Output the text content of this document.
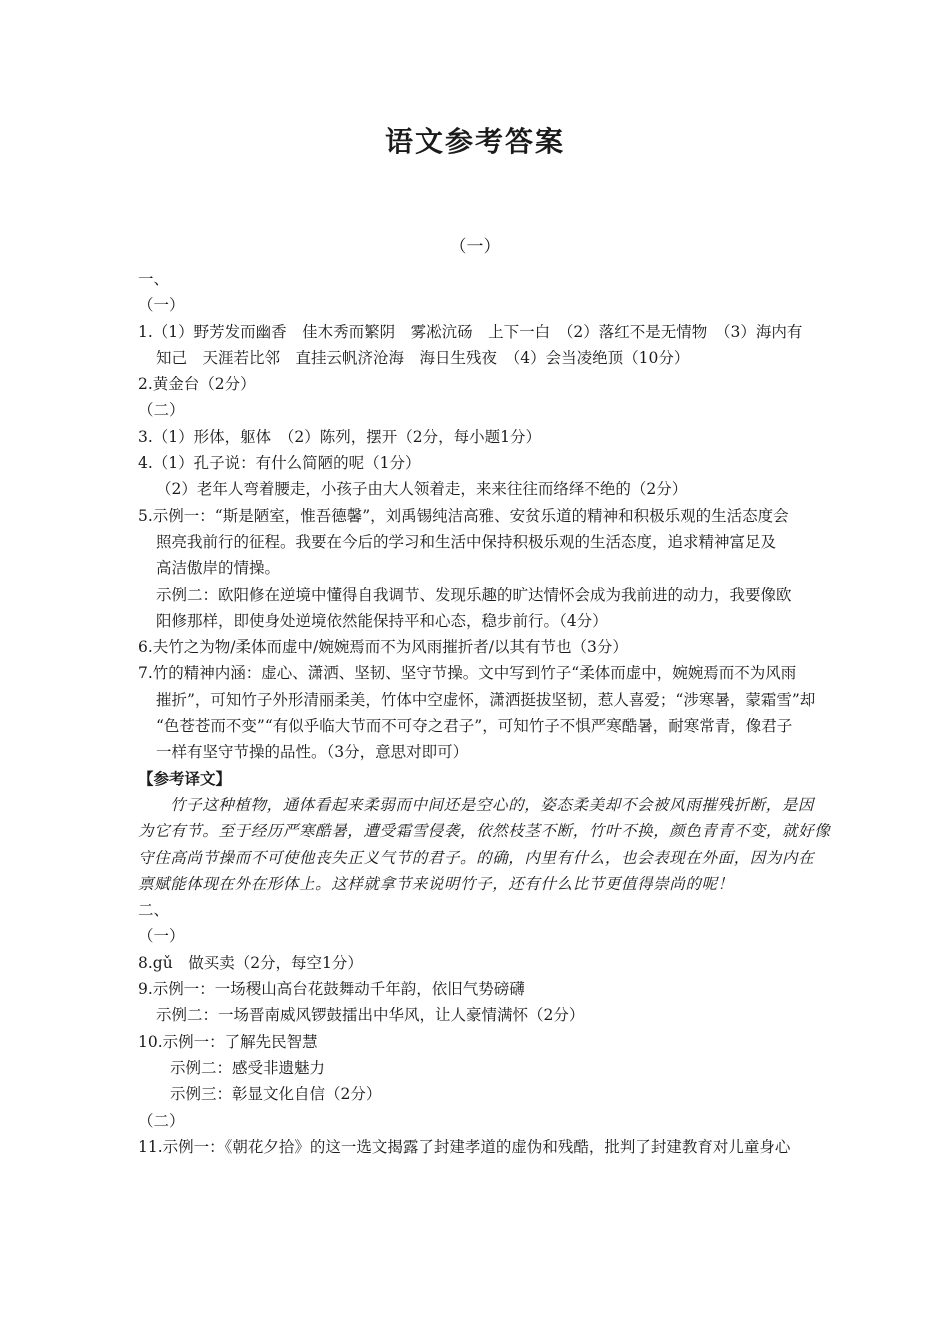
语文参考答案
（一）
一、
（一）
1.（1）野芳发而幽香　佳木秀而繁阴　雾凇沆砀　上下一白　（2）落红不是无情物　（3）海内有
知己　天涯若比邻　直挂云帆济沧海　海日生残夜　（4）会当凌绝顶（10分）
2.黄金台（2分）
（二）
3.（1）形体，躯体　（2）陈列，摆开（2分，每小题1分）
4.（1）孔子说：有什么简陋的呢（1分）
（2）老年人弯着腰走，小孩子由大人领着走，来来往往而络绎不绝的（2分）
5.示例一：“斯是陋室，惟吾德馨”，刘禹锡纯洁高雅、安贫乐道的精神和积极乐观的生活态度会
照亮我前行的征程。我要在今后的学习和生活中保持积极乐观的生活态度，追求精神富足及
高洁傲岸的情操。
示例二：欧阳修在逆境中懂得自我调节、发现乐趣的旷达情怀会成为我前进的动力，我要像欧
阳修那样，即使身处逆境依然能保持平和心态，稳步前行。（4分）
6.夫竹之为物/柔体而虚中/婉婉焉而不为风雨摧折者/以其有节也（3分）
7.竹的精神内涵：虚心、潇洒、坚韧、坚守节操。文中写到竹子“柔体而虚中，婉婉焉而不为风雨
摧折”，可知竹子外形清丽柔美，竹体中空虚怀，潇洒挺拔坚韧，惹人喜爱；“涉寒暑，蒙霜雪”却
“色苍苍而不变”“有似乎临大节而不可夺之君子”，可知竹子不惧严寒酷暑，耐寒常青，像君子
一样有坚守节操的品性。（3分，意思对即可）
【参考译文】
竹子这种植物，通体看起来柔弱而中间还是空心的，姿态柔美却不会被风雨摧残折断，是因
为它有节。至于经历严寒酷暑，遭受霜雪侵袭，依然枝茎不断，竹叶不换，颜色青青不变，就好像
守住高尚节操而不可使他丧失正义气节的君子。的确，内里有什么，也会表现在外面，因为内在
禀赋能体现在外在形体上。这样就拿节来说明竹子，还有什么比节更值得崇尚的呢！
二、
（一）
8.gǔ　做买卖（2分，每空1分）
9.示例一：一场稷山高台花鼓舞动千年韵，依旧气势磅礴
示例二：一场晋南威风锣鼓擂出中华风，让人豪情满怀（2分）
10.示例一：了解先民智慧
示例二：感受非遗魅力
示例三：彰显文化自信（2分）
（二）
11.示例一：《朝花夕拾》的这一选文揭露了封建孝道的虚伪和残酷，批判了封建教育对儿童身心
